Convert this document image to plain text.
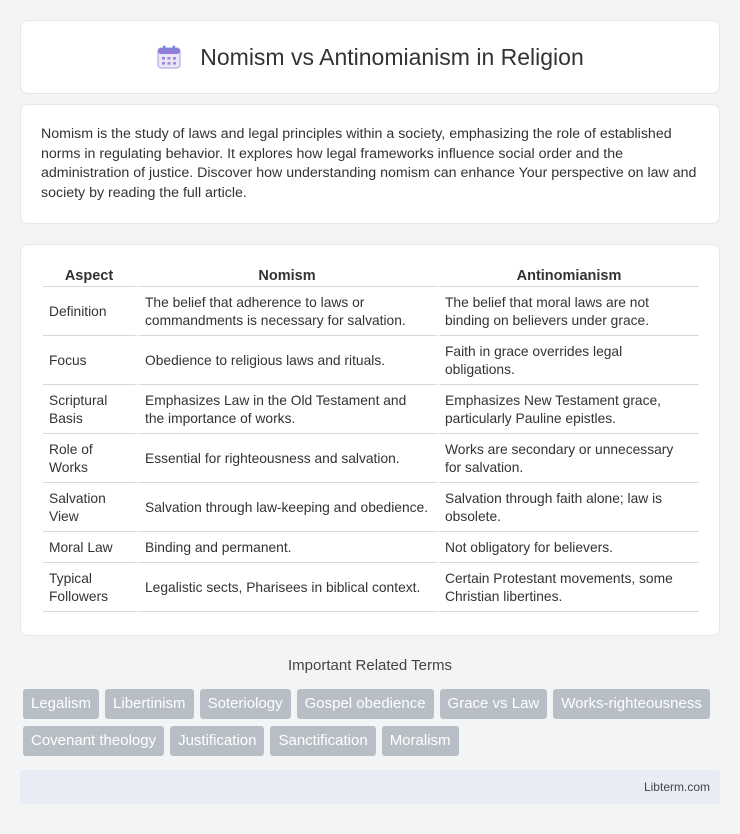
Nomism vs Antinomianism in Religion

Nomism is the study of laws and legal principles within a society, emphasizing the role of established norms in regulating behavior. It explores how legal frameworks influence social order and the administration of justice. Discover how understanding nomism can enhance Your perspective on law and society by reading the full article.

Aspect	Nomism	Antinomianism
Definition	The belief that adherence to laws or commandments is necessary for salvation.	The belief that moral laws are not binding on believers under grace.
Focus	Obedience to religious laws and rituals.	Faith in grace overrides legal obligations.
Scriptural Basis	Emphasizes Law in the Old Testament and the importance of works.	Emphasizes New Testament grace, particularly Pauline epistles.
Role of Works	Essential for righteousness and salvation.	Works are secondary or unnecessary for salvation.
Salvation View	Salvation through law-keeping and obedience.	Salvation through faith alone; law is obsolete.
Moral Law	Binding and permanent.	Not obligatory for believers.
Typical Followers	Legalistic sects, Pharisees in biblical context.	Certain Protestant movements, some Christian libertines.
Important Related Terms
Legalism	Libertinism	Soteriology	Gospel obedience	Grace vs Law	Works-righteousness
Covenant theology	Justification	Sanctification	Moralism
Libterm.com
